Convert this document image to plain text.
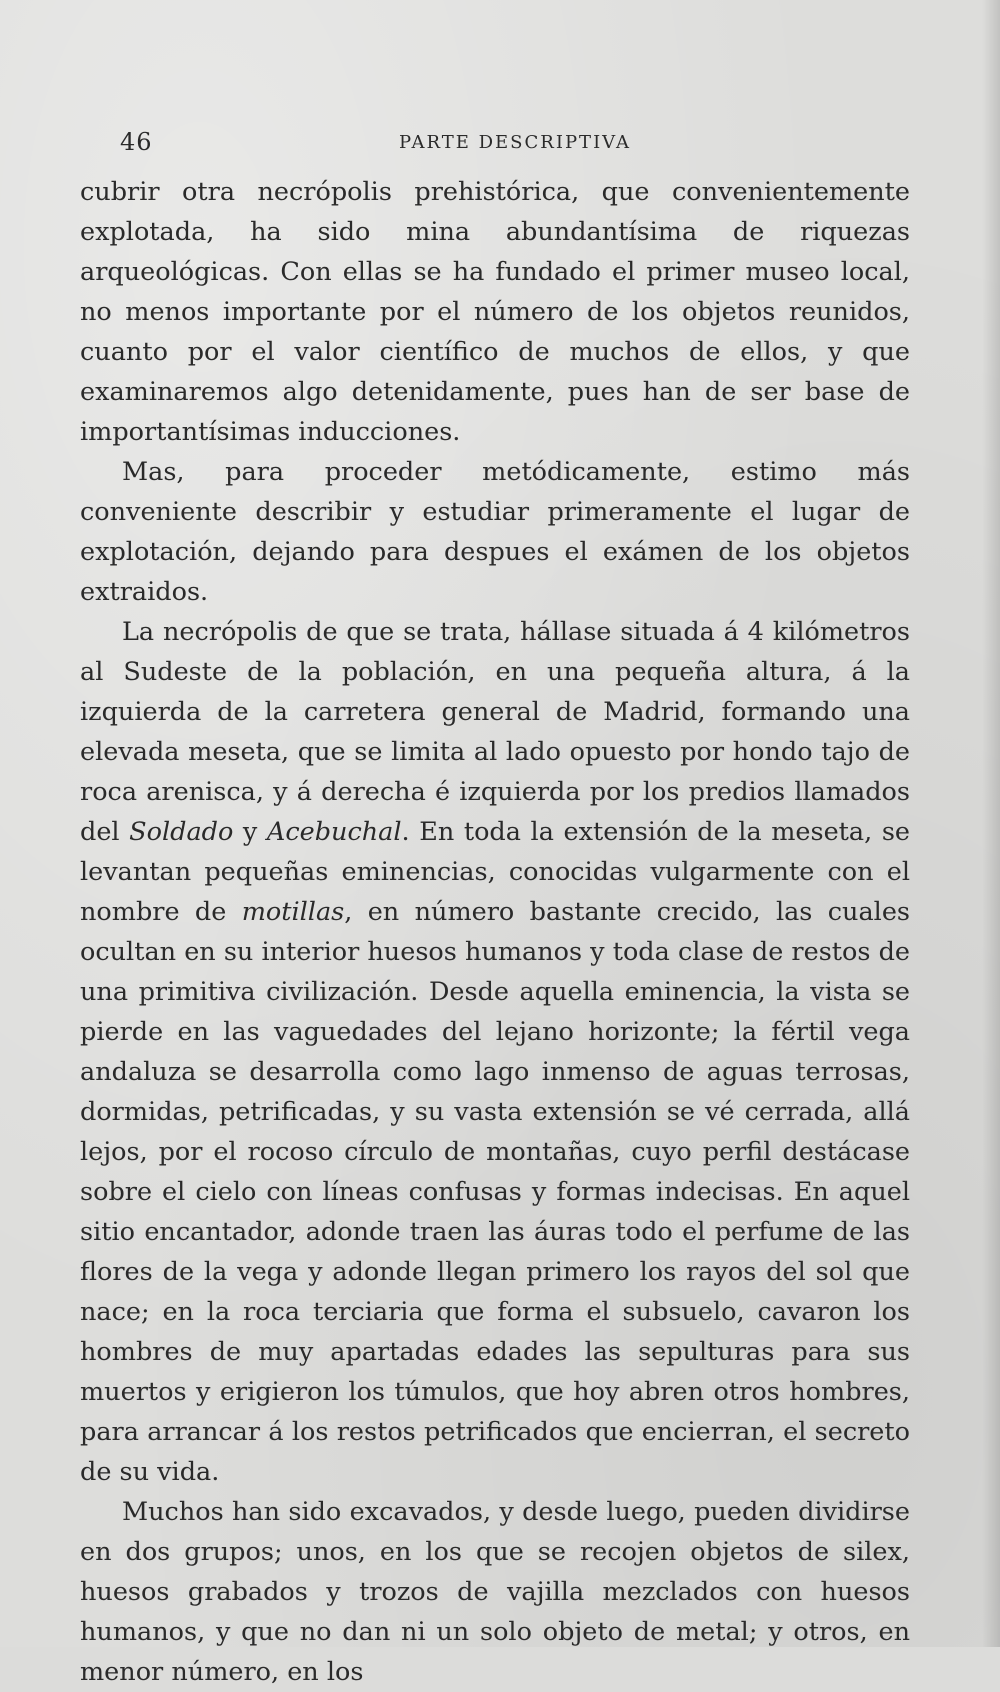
46	PARTE DESCRIPTIVA

cubrir otra necrópolis prehistórica, que convenientemente explotada, ha sido mina abundantísima de riquezas arqueológicas. Con ellas se ha fundado el primer museo local, no menos importante por el número de los objetos reunidos, cuanto por el valor científico de muchos de ellos, y que examinaremos algo detenidamente, pues han de ser base de importantísimas inducciones.

Mas, para proceder metódicamente, estimo más conveniente describir y estudiar primeramente el lugar de explotación, dejando para despues el exámen de los objetos extraidos.

La necrópolis de que se trata, hállase situada á 4 kilómetros al Sudeste de la población, en una pequeña altura, á la izquierda de la carretera general de Madrid, formando una elevada meseta, que se limita al lado opuesto por hondo tajo de roca arenisca, y á derecha é izquierda por los predios llamados del Soldado y Acebuchal. En toda la extensión de la meseta, se levantan pequeñas eminencias, conocidas vulgarmente con el nombre de motillas, en número bastante crecido, las cuales ocultan en su interior huesos humanos y toda clase de restos de una primitiva civilización. Desde aquella eminencia, la vista se pierde en las vaguedades del lejano horizonte; la fértil vega andaluza se desarrolla como lago inmenso de aguas terrosas, dormidas, petrificadas, y su vasta extensión se vé cerrada, allá lejos, por el rocoso círculo de montañas, cuyo perfil destácase sobre el cielo con líneas confusas y formas indecisas. En aquel sitio encantador, adonde traen las áuras todo el perfume de las flores de la vega y adonde llegan primero los rayos del sol que nace; en la roca terciaria que forma el subsuelo, cavaron los hombres de muy apartadas edades las sepulturas para sus muertos y erigieron los túmulos, que hoy abren otros hombres, para arrancar á los restos petrificados que encierran, el secreto de su vida.

Muchos han sido excavados, y desde luego, pueden dividirse en dos grupos; unos, en los que se recojen objetos de silex, huesos grabados y trozos de vajilla mezclados con huesos humanos, y que no dan ni un solo objeto de metal; y otros, en menor número, en los
